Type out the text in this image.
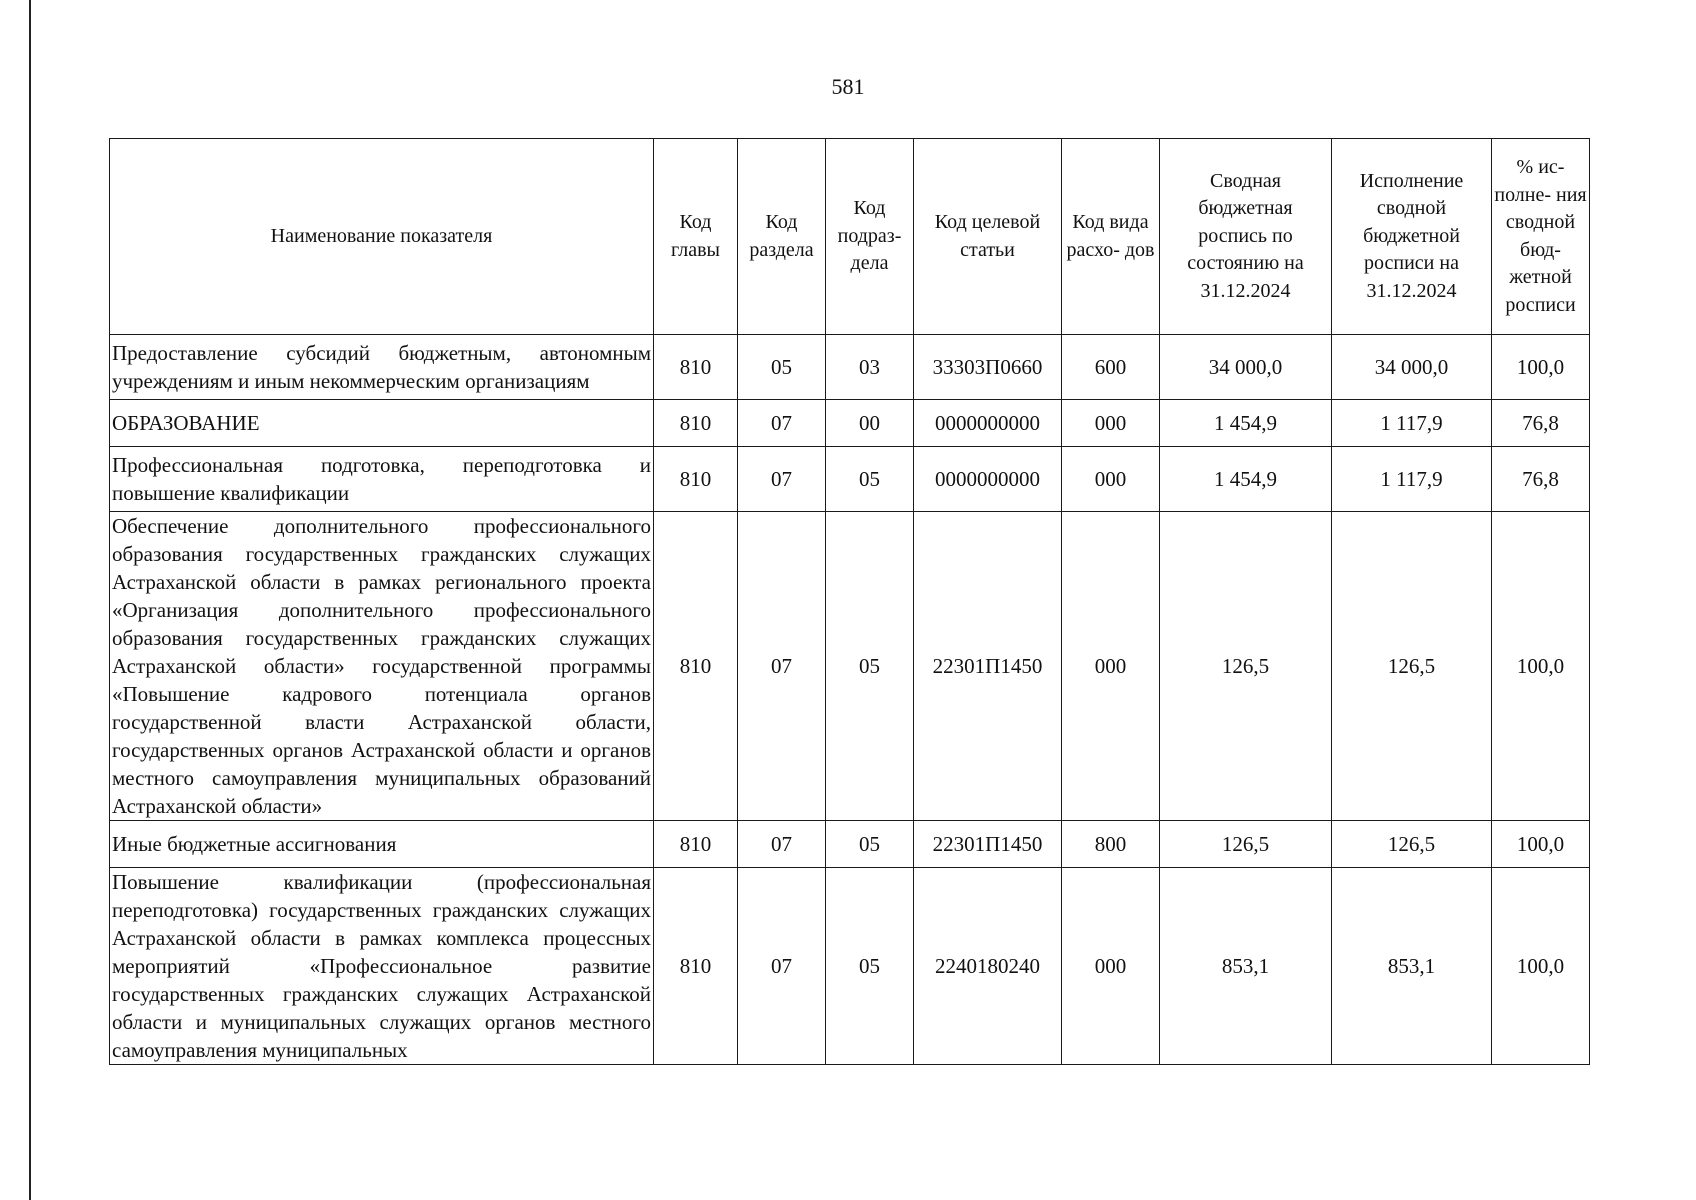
581
Наименование показателя	Код главы	Код раздела	Код подраз- дела	Код целевой статьи	Код вида расхо- дов	Сводная бюджетная роспись по состоянию на 31.12.2024	Исполнение сводной бюджетной росписи на 31.12.2024	% ис- полне- ния сводной бюд- жетной росписи
Предоставление субсидий бюджетным, автономным учреждениям и иным некоммерческим организациям	810	05	03	33303П0660	600	34 000,0	34 000,0	100,0
ОБРАЗОВАНИЕ	810	07	00	0000000000	000	1 454,9	1 117,9	76,8
Профессиональная подготовка, переподготовка и повышение квалификации	810	07	05	0000000000	000	1 454,9	1 117,9	76,8
Обеспечение дополнительного профессионального образования государственных гражданских служащих Астраханской области в рамках регионального проекта «Организация дополнительного профессионального образования государственных гражданских служащих Астраханской области» государственной программы «Повышение кадрового потенциала органов государственной власти Астраханской области, государственных органов Астраханской области и органов местного самоуправления муниципальных образований Астраханской области»	810	07	05	22301П1450	000	126,5	126,5	100,0
Иные бюджетные ассигнования	810	07	05	22301П1450	800	126,5	126,5	100,0
Повышение квалификации (профессиональная переподготовка) государственных гражданских служащих Астраханской области в рамках комплекса процессных мероприятий «Профессиональное развитие государственных гражданских служащих Астраханской области и муниципальных служащих органов местного самоуправления муниципальных	810	07	05	2240180240	000	853,1	853,1	100,0
